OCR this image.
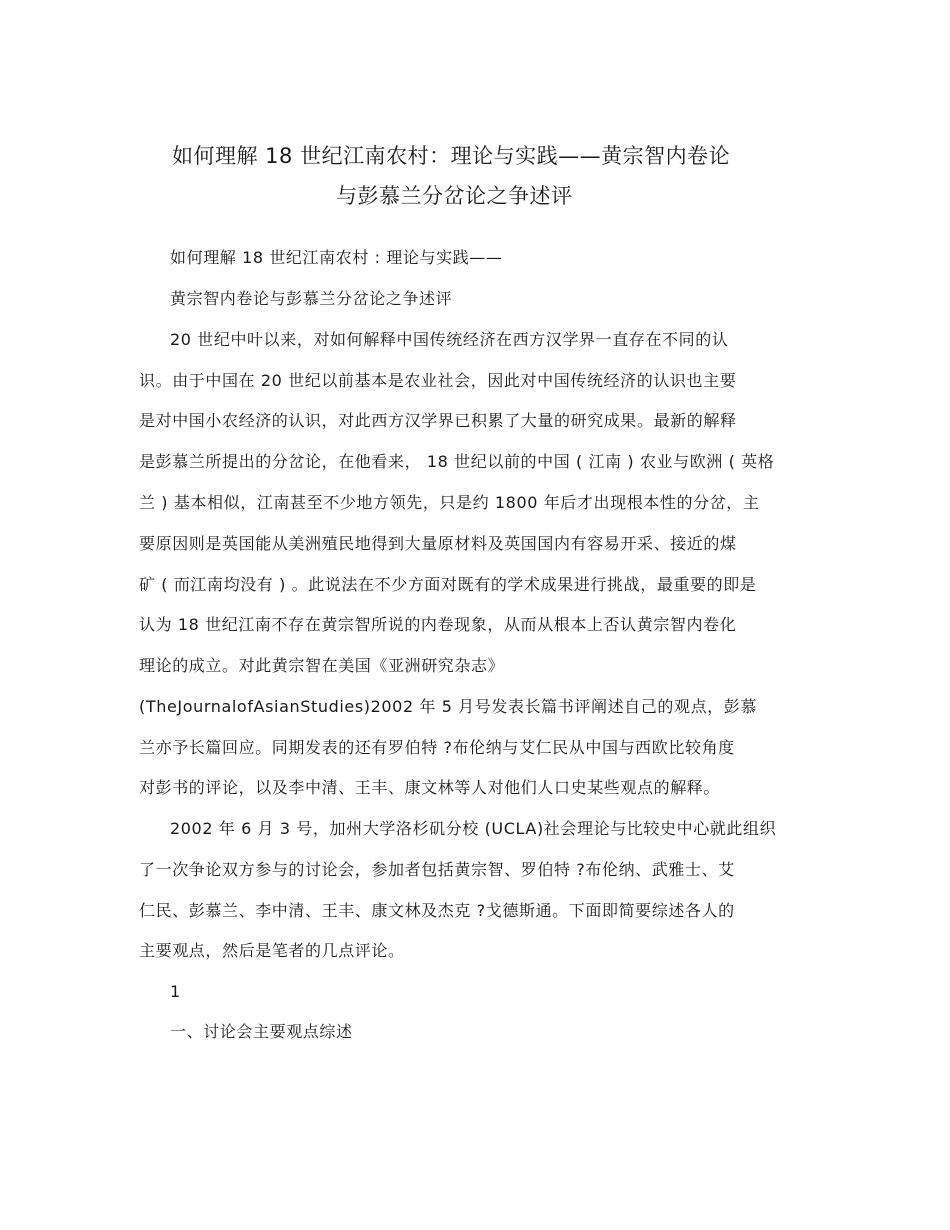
如何理解 18 世纪江南农村：理论与实践——黄宗智内卷论
与彭慕兰分岔论之争述评
如何理解 18 世纪江南农村 : 理论与实践——
黄宗智内卷论与彭慕兰分岔论之争述评
20 世纪中叶以来，对如何解释中国传统经济在西方汉学界一直存在不同的认
识。由于中国在 20 世纪以前基本是农业社会，因此对中国传统经济的认识也主要
是对中国小农经济的认识，对此西方汉学界已积累了大量的研究成果。最新的解释
是彭慕兰所提出的分岔论，在他看来， 18 世纪以前的中国 ( 江南 ) 农业与欧洲 ( 英格
兰 ) 基本相似，江南甚至不少地方领先，只是约 1800 年后才出现根本性的分岔，主
要原因则是英国能从美洲殖民地得到大量原材料及英国国内有容易开采、接近的煤
矿 ( 而江南均没有 ) 。此说法在不少方面对既有的学术成果进行挑战，最重要的即是
认为 18 世纪江南不存在黄宗智所说的内卷现象，从而从根本上否认黄宗智内卷化
理论的成立。对此黄宗智在美国《亚洲研究杂志》
(TheJournalofAsianStudies)2002 年 5 月号发表长篇书评阐述自己的观点，彭慕
兰亦予长篇回应。同期发表的还有罗伯特 ?布伦纳与艾仁民从中国与西欧比较角度
对彭书的评论，以及李中清、王丰、康文林等人对他们人口史某些观点的解释。
2002 年 6 月 3 号，加州大学洛杉矶分校 (UCLA)社会理论与比较史中心就此组织
了一次争论双方参与的讨论会，参加者包括黄宗智、罗伯特 ?布伦纳、武雅士、艾
仁民、彭慕兰、李中清、王丰、康文林及杰克 ?戈德斯通。下面即简要综述各人的
主要观点，然后是笔者的几点评论。
1
一、讨论会主要观点综述
